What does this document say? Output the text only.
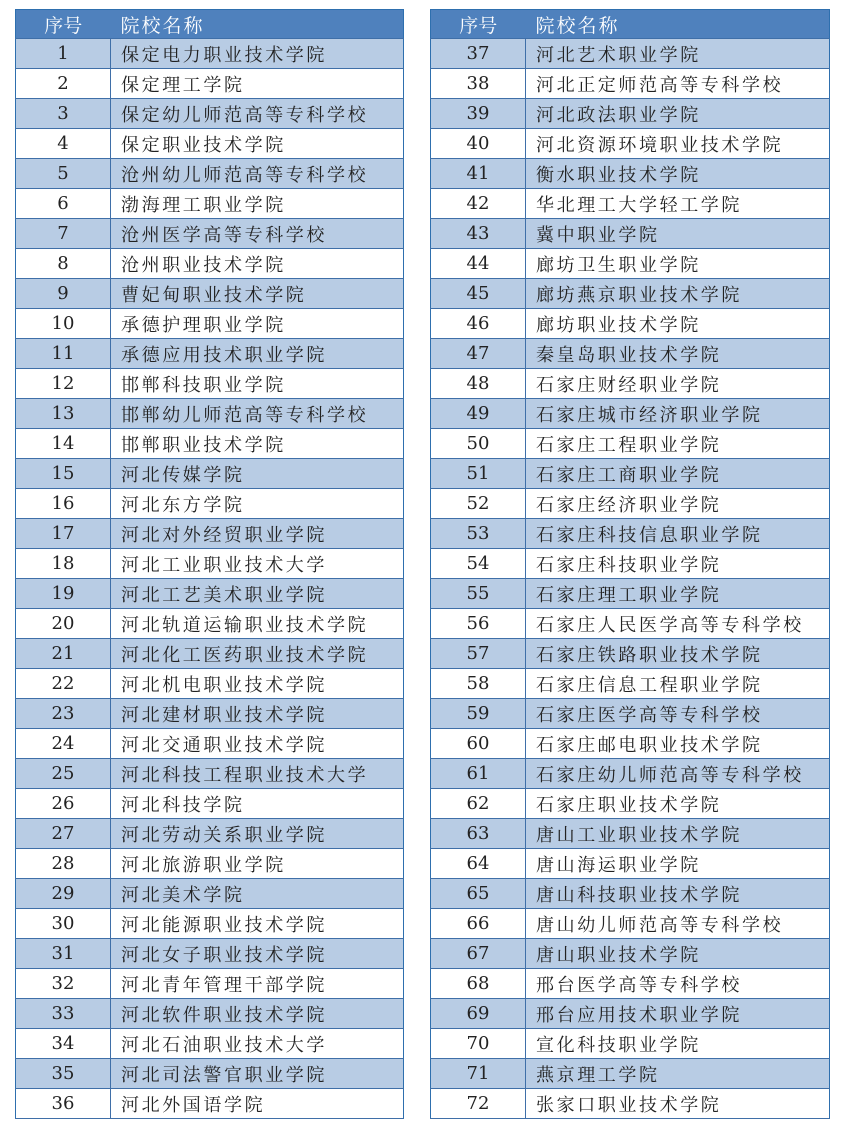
序号	院校名称
1	保定电力职业技术学院
2	保定理工学院
3	保定幼儿师范高等专科学校
4	保定职业技术学院
5	沧州幼儿师范高等专科学校
6	渤海理工职业学院
7	沧州医学高等专科学校
8	沧州职业技术学院
9	曹妃甸职业技术学院
10	承德护理职业学院
11	承德应用技术职业学院
12	邯郸科技职业学院
13	邯郸幼儿师范高等专科学校
14	邯郸职业技术学院
15	河北传媒学院
16	河北东方学院
17	河北对外经贸职业学院
18	河北工业职业技术大学
19	河北工艺美术职业学院
20	河北轨道运输职业技术学院
21	河北化工医药职业技术学院
22	河北机电职业技术学院
23	河北建材职业技术学院
24	河北交通职业技术学院
25	河北科技工程职业技术大学
26	河北科技学院
27	河北劳动关系职业学院
28	河北旅游职业学院
29	河北美术学院
30	河北能源职业技术学院
31	河北女子职业技术学院
32	河北青年管理干部学院
33	河北软件职业技术学院
34	河北石油职业技术大学
35	河北司法警官职业学院
36	河北外国语学院
序号	院校名称
37	河北艺术职业学院
38	河北正定师范高等专科学校
39	河北政法职业学院
40	河北资源环境职业技术学院
41	衡水职业技术学院
42	华北理工大学轻工学院
43	冀中职业学院
44	廊坊卫生职业学院
45	廊坊燕京职业技术学院
46	廊坊职业技术学院
47	秦皇岛职业技术学院
48	石家庄财经职业学院
49	石家庄城市经济职业学院
50	石家庄工程职业学院
51	石家庄工商职业学院
52	石家庄经济职业学院
53	石家庄科技信息职业学院
54	石家庄科技职业学院
55	石家庄理工职业学院
56	石家庄人民医学高等专科学校
57	石家庄铁路职业技术学院
58	石家庄信息工程职业学院
59	石家庄医学高等专科学校
60	石家庄邮电职业技术学院
61	石家庄幼儿师范高等专科学校
62	石家庄职业技术学院
63	唐山工业职业技术学院
64	唐山海运职业学院
65	唐山科技职业技术学院
66	唐山幼儿师范高等专科学校
67	唐山职业技术学院
68	邢台医学高等专科学校
69	邢台应用技术职业学院
70	宣化科技职业学院
71	燕京理工学院
72	张家口职业技术学院
